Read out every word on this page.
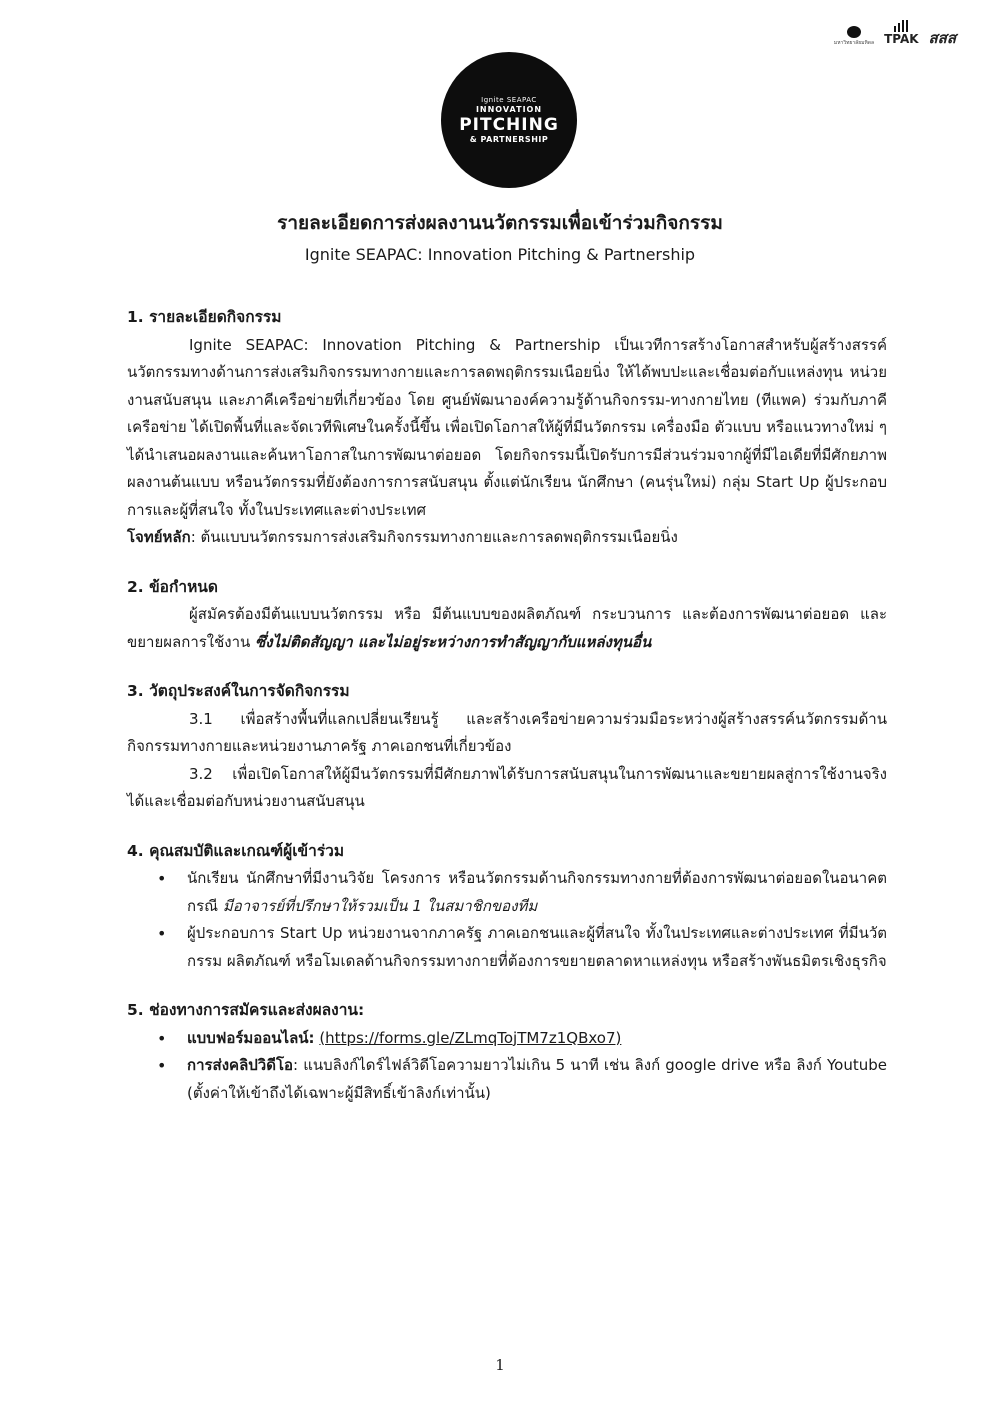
มหาวิทยาลัยมหิดล TPAK สสส
Ignite SEAPAC
INNOVATION
PITCHING
& PARTNERSHIP
รายละเอียดการส่งผลงานนวัตกรรมเพื่อเข้าร่วมกิจกรรม
Ignite SEAPAC: Innovation Pitching & Partnership

1. รายละเอียดกิจกรรม

Ignite SEAPAC: Innovation Pitching & Partnership เป็นเวทีการสร้างโอกาสสำหรับผู้สร้างสรรค์นวัตกรรมทางด้านการส่งเสริมกิจกรรมทางกายและการลดพฤติกรรมเนือยนิ่ง ให้ได้พบปะและเชื่อมต่อกับแหล่งทุน หน่วยงานสนับสนุน และภาคีเครือข่ายที่เกี่ยวข้อง โดย ศูนย์พัฒนาองค์ความรู้ด้านกิจกรรม-ทางกายไทย (ทีแพค) ร่วมกับภาคีเครือข่าย ได้เปิดพื้นที่และจัดเวทีพิเศษในครั้งนี้ขึ้น เพื่อเปิดโอกาสให้ผู้ที่มีนวัตกรรม เครื่องมือ ตัวแบบ หรือแนวทางใหม่ ๆ ได้นำเสนอผลงานและค้นหาโอกาสในการพัฒนาต่อยอด โดยกิจกรรมนี้เปิดรับการมีส่วนร่วมจากผู้ที่มีไอเดียที่มีศักยภาพ ผลงานต้นแบบ หรือนวัตกรรมที่ยังต้องการการสนับสนุน ตั้งแต่นักเรียน นักศึกษา (คนรุ่นใหม่) กลุ่ม Start Up ผู้ประกอบการและผู้ที่สนใจ ทั้งในประเทศและต่างประเทศ

โจทย์หลัก: ต้นแบบนวัตกรรมการส่งเสริมกิจกรรมทางกายและการลดพฤติกรรมเนือยนิ่ง

2. ข้อกำหนด

ผู้สมัครต้องมีต้นแบบนวัตกรรม หรือ มีต้นแบบของผลิตภัณฑ์ กระบวนการ และต้องการพัฒนาต่อยอด และขยายผลการใช้งาน ซึ่งไม่ติดสัญญา และไม่อยู่ระหว่างการทำสัญญากับแหล่งทุนอื่น

3. วัตถุประสงค์ในการจัดกิจกรรม

3.1 เพื่อสร้างพื้นที่แลกเปลี่ยนเรียนรู้ และสร้างเครือข่ายความร่วมมือระหว่างผู้สร้างสรรค์นวัตกรรมด้านกิจกรรมทางกายและหน่วยงานภาครัฐ ภาคเอกชนที่เกี่ยวข้อง

3.2 เพื่อเปิดโอกาสให้ผู้มีนวัตกรรมที่มีศักยภาพได้รับการสนับสนุนในการพัฒนาและขยายผลสู่การใช้งานจริงได้และเชื่อมต่อกับหน่วยงานสนับสนุน

4. คุณสมบัติและเกณฑ์ผู้เข้าร่วม

• นักเรียน นักศึกษาที่มีงานวิจัย โครงการ หรือนวัตกรรมด้านกิจกรรมทางกายที่ต้องการพัฒนาต่อยอดในอนาคต กรณี มีอาจารย์ที่ปรึกษาให้รวมเป็น 1 ในสมาชิกของทีม
• ผู้ประกอบการ Start Up หน่วยงานจากภาครัฐ ภาคเอกชนและผู้ที่สนใจ ทั้งในประเทศและต่างประเทศ ที่มีนวัตกรรม ผลิตภัณฑ์ หรือโมเดลด้านกิจกรรมทางกายที่ต้องการขยายตลาดหาแหล่งทุน หรือสร้างพันธมิตรเชิงธุรกิจ

5. ช่องทางการสมัครและส่งผลงาน:

• แบบฟอร์มออนไลน์: (https://forms.gle/ZLmqTojTM7z1QBxo7)
• การส่งคลิปวิดีโอ: แนบลิงก์ไดร์ไฟล์วิดีโอความยาวไม่เกิน 5 นาที เช่น ลิงก์ google drive หรือ ลิงก์ Youtube (ตั้งค่าให้เข้าถึงได้เฉพาะผู้มีสิทธิ์เข้าลิงก์เท่านั้น)
1
